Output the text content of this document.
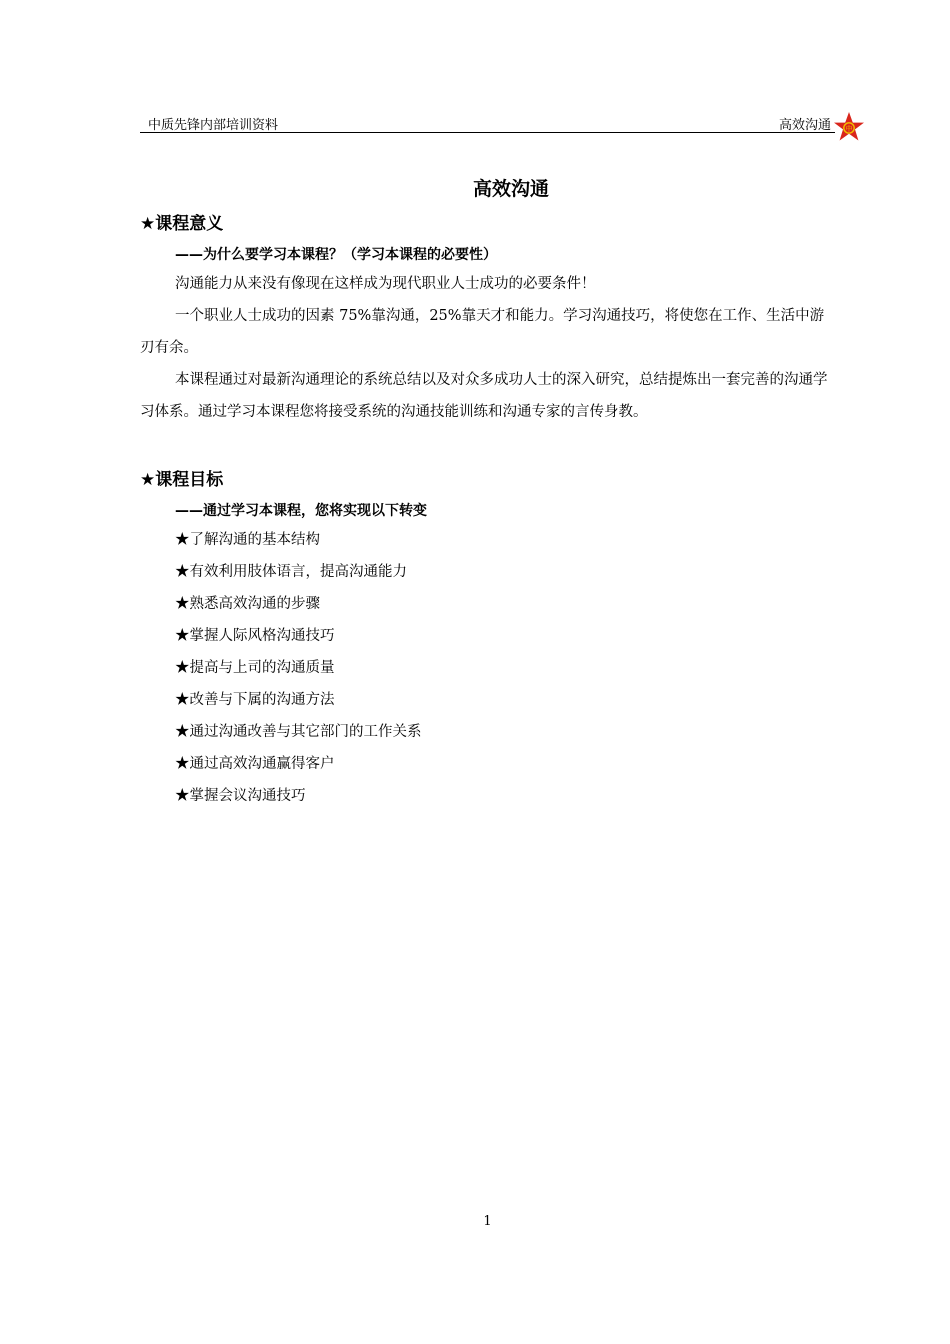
中质先锋内部培训资料	高效沟通 中
高效沟通
★课程意义
——为什么要学习本课程？（学习本课程的必要性）

沟通能力从来没有像现在这样成为现代职业人士成功的必要条件！

一个职业人士成功的因素 75%靠沟通，25%靠天才和能力。学习沟通技巧，将使您在工作、生活中游刃有余。

本课程通过对最新沟通理论的系统总结以及对众多成功人士的深入研究，总结提炼出一套完善的沟通学习体系。通过学习本课程您将接受系统的沟通技能训练和沟通专家的言传身教。

★课程目标
——通过学习本课程，您将实现以下转变
★了解沟通的基本结构
★有效利用肢体语言，提高沟通能力
★熟悉高效沟通的步骤
★掌握人际风格沟通技巧
★提高与上司的沟通质量
★改善与下属的沟通方法
★通过沟通改善与其它部门的工作关系
★通过高效沟通赢得客户
★掌握会议沟通技巧
1
